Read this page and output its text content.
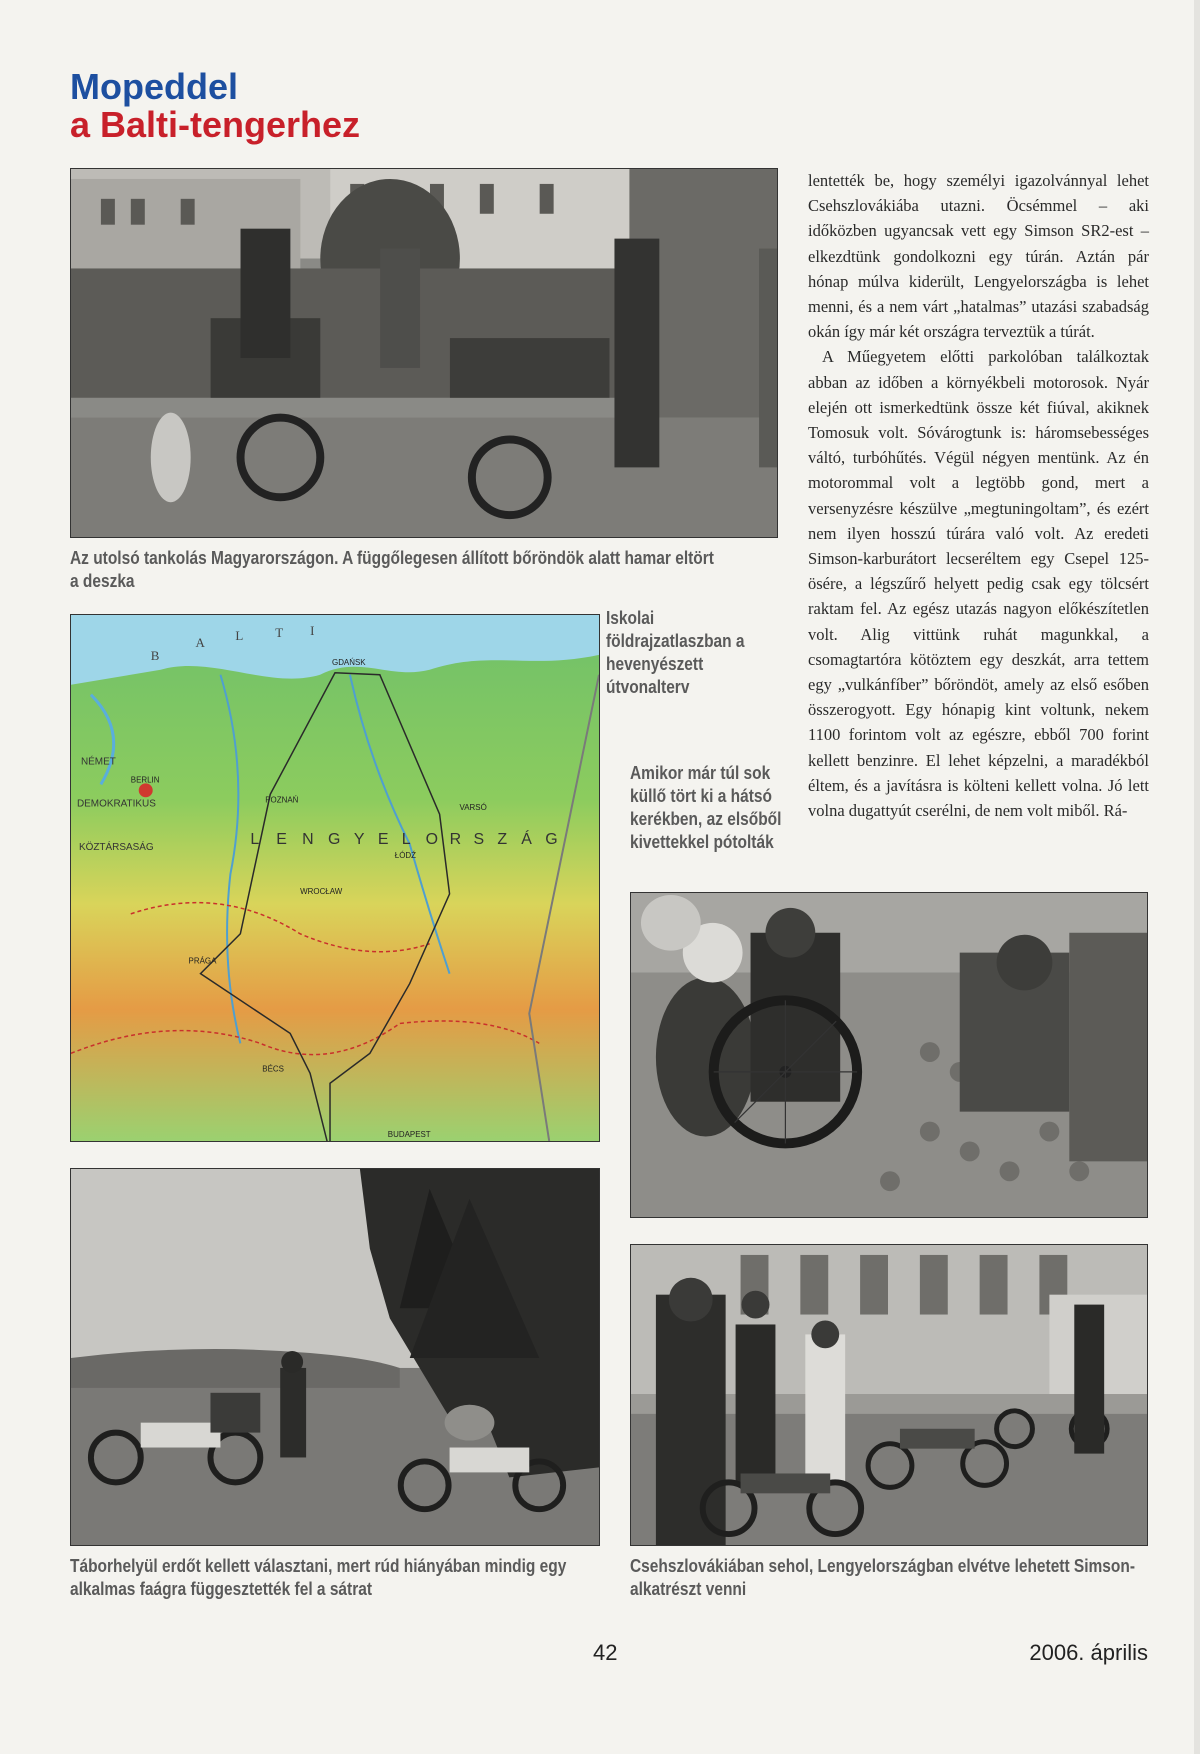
Mopeddel
a Balti-tengerhez
Az utolsó tankolás Magyarországon. A függőlegesen állított bőröndök alatt hamar eltört a deszka
B
A L T I
L E N G Y E L O R S Z Á G
NÉMET
DEMOKRATIKUS
KÖZTÁRSASÁG
GDAŃSK
BERLIN
POZNAŃ
VARSÓ
ŁÓDŹ
WROCŁAW
PRÁGA
BÉCS
BUDAPEST
Iskolai földrajzatlaszban a hevenyészett útvonalterv
Amikor már túl sok küllő tört ki a hátsó kerékben, az elsőből kivettekkel pótolták

lentették be, hogy személyi igazolvánnyal lehet Csehszlovákiába utazni. Öcsémmel – aki időközben ugyancsak vett egy Simson SR2-est – elkezdtünk gondolkozni egy túrán. Aztán pár hónap múlva kiderült, Lengyelországba is lehet menni, és a nem várt „hatalmas” utazási szabadság okán így már két országra terveztük a túrát.

A Műegyetem előtti parkolóban találkoztak abban az időben a környékbeli motorosok. Nyár elején ott ismerkedtünk össze két fiúval, akiknek Tomosuk volt. Sóvárogtunk is: háromsebességes váltó, turbóhűtés. Végül négyen mentünk. Az én motorommal volt a legtöbb gond, mert a versenyzésre készülve „megtuningoltam”, és ezért nem ilyen hosszú túrára való volt. Az eredeti Simson-karburátort lecseréltem egy Csepel 125-ösére, a légszűrő helyett pedig csak egy tölcsért raktam fel. Az egész utazás nagyon előkészítetlen volt. Alig vittünk ruhát magunkkal, a csomagtartóra kötöztem egy deszkát, arra tettem egy „vulkánfíber” bőröndöt, amely az első esőben összerogyott. Egy hónapig kint voltunk, nekem 1100 forintom volt az egészre, ebből 700 forint kellett benzinre. El lehet képzelni, a maradékból éltem, és a javításra is költeni kellett volna. Jó lett volna dugattyút cserélni, de nem volt miből. Rá-

Táborhelyül erdőt kellett választani, mert rúd hiányában mindig egy alkalmas faágra függesztették fel a sátrat
Csehszlovákiában sehol, Lengyelországban elvétve lehetett Simson-alkatrészt venni
42	2006. április
